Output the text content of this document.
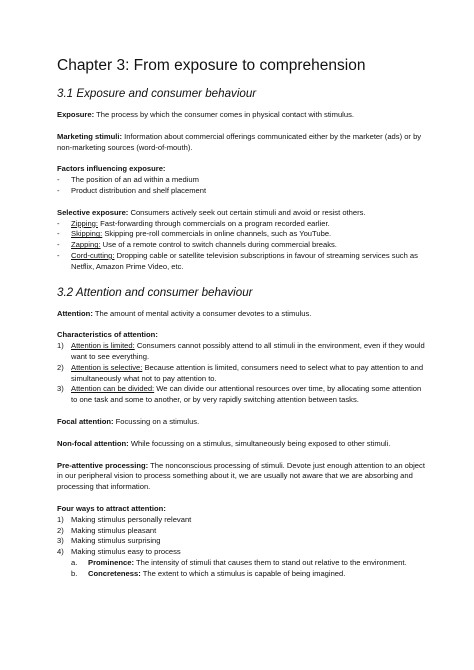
Chapter 3: From exposure to comprehension
3.1 Exposure and consumer behaviour

Exposure: The process by which the consumer comes in physical contact with stimulus.

Marketing stimuli: Information about commercial offerings communicated either by the marketer (ads) or by non-marketing sources (word-of-mouth).

Factors influencing exposure:

- The position of an ad within a medium
- Product distribution and shelf placement

Selective exposure: Consumers actively seek out certain stimuli and avoid or resist others.

- Zipping: Fast-forwarding through commercials on a program recorded earlier.
- Skipping: Skipping pre-roll commercials in online channels, such as YouTube.
- Zapping: Use of a remote control to switch channels during commercial breaks.
- Cord-cutting: Dropping cable or satellite television subscriptions in favour of streaming services such as Netflix, Amazon Prime Video, etc.
3.2 Attention and consumer behaviour

Attention: The amount of mental activity a consumer devotes to a stimulus.

Characteristics of attention:

1) Attention is limited: Consumers cannot possibly attend to all stimuli in the environment, even if they would want to see everything.
2) Attention is selective: Because attention is limited, consumers need to select what to pay attention to and simultaneously what not to pay attention to.
3) Attention can be divided: We can divide our attentional resources over time, by allocating some attention to one task and some to another, or by very rapidly switching attention between tasks.

Focal attention: Focussing on a stimulus.

Non-focal attention: While focussing on a stimulus, simultaneously being exposed to other stimuli.

Pre-attentive processing: The nonconscious processing of stimuli. Devote just enough attention to an object in our peripheral vision to process something about it, we are usually not aware that we are absorbing and processing that information.

Four ways to attract attention:

1) Making stimulus personally relevant
2) Making stimulus pleasant
3) Making stimulus surprising
4) Making stimulus easy to process
a. Prominence: The intensity of stimuli that causes them to stand out relative to the environment.
b. Concreteness: The extent to which a stimulus is capable of being imagined.
